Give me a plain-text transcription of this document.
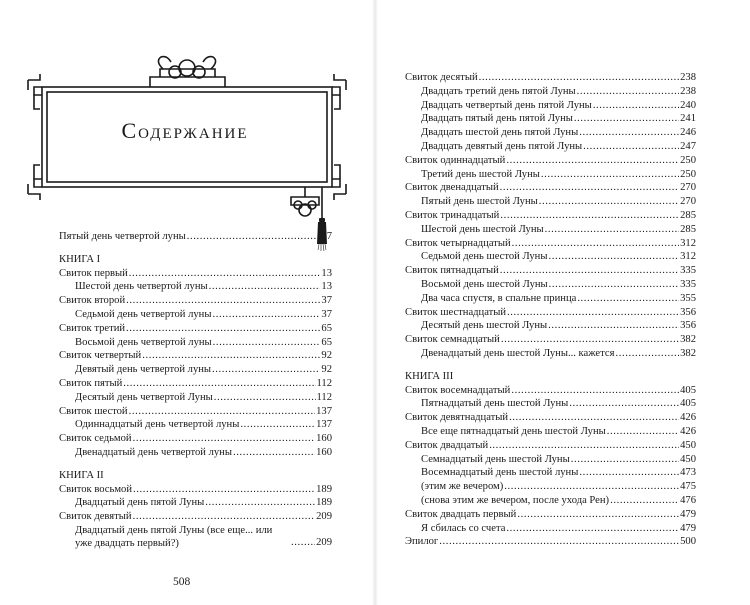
Содержание
Пятый день четвертой луны .....	7
КНИГА I
Свиток первый .....	13
Шестой день четвертой луны .....	13
Свиток второй .....	37
Седьмой день четвертой луны .....	37
Свиток третий .....	65
Восьмой день четвертой луны .....	65
Свиток четвертый .....	92
Девятый день четвертой луны .....	92
Свиток пятый .....	112
Десятый день четвертой Луны .....	112
Свиток шестой .....	137
Одиннадцатый день четвертой луны .....	137
Свиток седьмой .....	160
Двенадцатый день четвертой луны .....	160
КНИГА II
Свиток восьмой .....	189
Двадцатый день пятой Луны .....	189
Свиток девятый .....	209
Двадцатый день пятой Луны (все еще... или уже двадцать первый?) .....	209
508
Свиток десятый .....	238
Двадцать третий день пятой Луны .....	238
Двадцать четвертый день пятой Луны .....	240
Двадцать пятый день пятой Луны .....	241
Двадцать шестой день пятой Луны .....	246
Двадцать девятый день пятой Луны .....	247
Свиток одиннадцатый .....	250
Третий день шестой Луны .....	250
Свиток двенадцатый .....	270
Пятый день шестой Луны .....	270
Свиток тринадцатый .....	285
Шестой день шестой Луны .....	285
Свиток четырнадцатый .....	312
Седьмой день шестой Луны .....	312
Свиток пятнадцатый .....	335
Восьмой день шестой Луны .....	335
Два часа спустя, в спальне принца .....	355
Свиток шестнадцатый .....	356
Десятый день шестой Луны .....	356
Свиток семнадцатый .....	382
Двенадцатый день шестой Луны... кажется .....	382
КНИГА III
Свиток восемнадцатый .....	405
Пятнадцатый день шестой Луны .....	405
Свиток девятнадцатый .....	426
Все еще пятнадцатый день шестой Луны .....	426
Свиток двадцатый .....	450
Семнадцатый день шестой Луны .....	450
Восемнадцатый день шестой луны .....	473
(этим же вечером) .....	475
(снова этим же вечером, после ухода Рен) .....	476
Свиток двадцать первый .....	479
Я сбилась со счета .....	479
Эпилог .....	500
